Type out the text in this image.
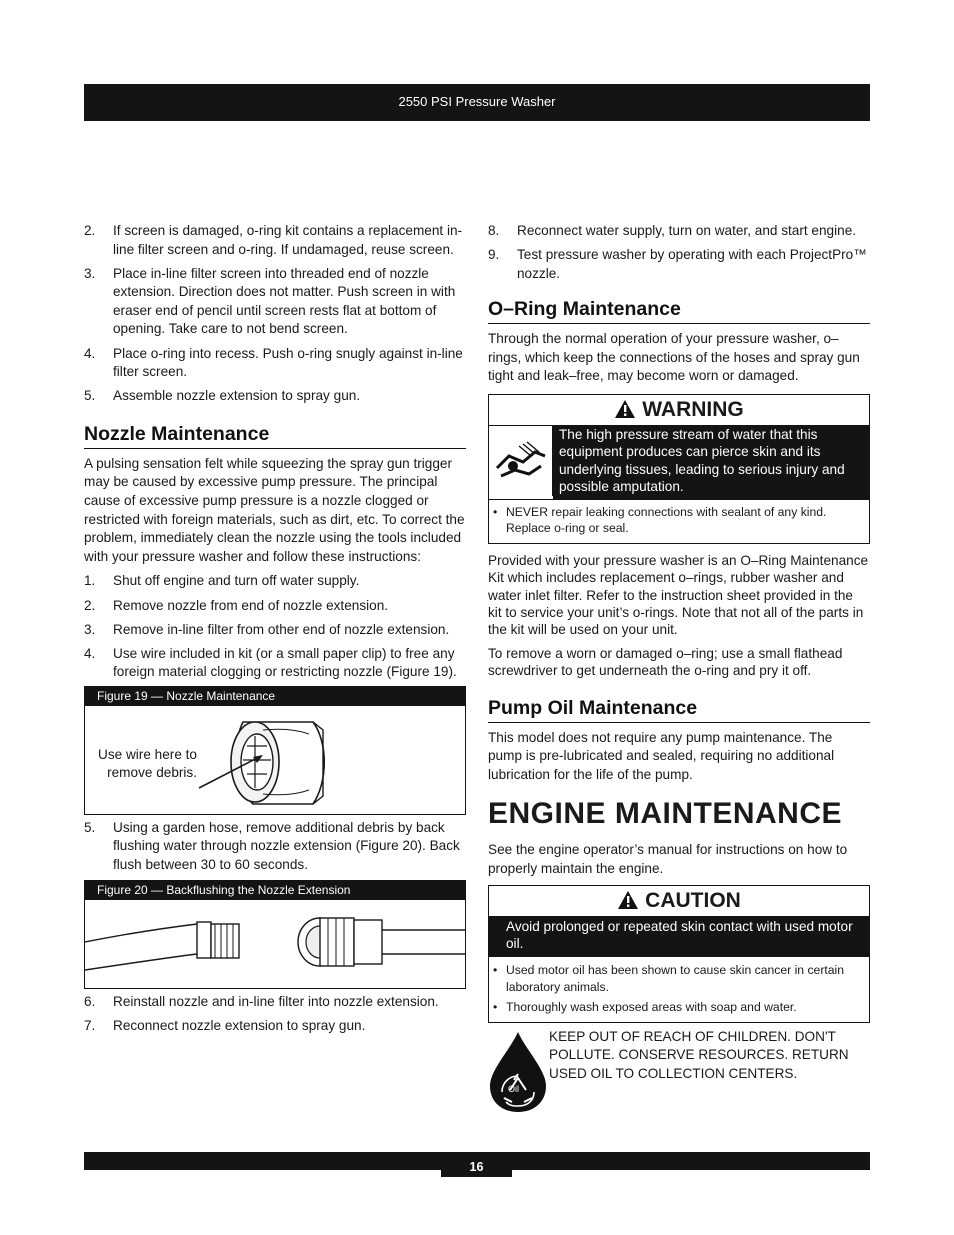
2550 PSI Pressure Washer
2.	If screen is damaged, o-ring kit contains a replacement in-line filter screen and o-ring. If undamaged, reuse screen.
3.	Place in-line filter screen into threaded end of nozzle extension. Direction does not matter. Push screen in with eraser end of pencil until screen rests flat at bottom of opening. Take care to not bend screen.
4.	Place o-ring into recess. Push o-ring snugly against in-line filter screen.
5.	Assemble nozzle extension to spray gun.
Nozzle Maintenance
A pulsing sensation felt while squeezing the spray gun trigger may be caused by excessive pump pressure. The principal cause of excessive pump pressure is a nozzle clogged or restricted with foreign materials, such as dirt, etc. To correct the problem, immediately clean the nozzle using the tools included with your pressure washer and follow these instructions:
1.	Shut off engine and turn off water supply.
2.	Remove nozzle from end of nozzle extension.
3.	Remove in-line filter from other end of nozzle extension.
4.	Use wire included in kit (or a small paper clip) to free any foreign material clogging or restricting nozzle (Figure 19).
Figure 19 — Nozzle Maintenance
Use wire here to remove debris.
5.	Using a garden hose, remove additional debris by back flushing water through nozzle extension (Figure 20). Back flush between 30 to 60 seconds.
Figure 20 — Backflushing the Nozzle Extension
6.	Reinstall nozzle and in-line filter into nozzle extension.
7.	Reconnect nozzle extension to spray gun.
8.	Reconnect water supply, turn on water, and start engine.
9.	Test pressure washer by operating with each ProjectPro™ nozzle.
O–Ring Maintenance
Through the normal operation of your pressure washer, o–rings, which keep the connections of the hoses and spray gun tight and leak–free, may become worn or damaged.
WARNING
The high pressure stream of water that this equipment produces can pierce skin and its underlying tissues, leading to serious injury and possible amputation.
• NEVER repair leaking connections with sealant of any kind. Replace o-ring or seal.
Provided with your pressure washer is an O–Ring Maintenance Kit which includes replacement o–rings, rubber washer and water inlet filter. Refer to the instruction sheet provided in the kit to service your unit’s o-rings. Note that not all of the parts in the kit will be used on your unit.
To remove a worn or damaged o–ring; use a small flathead screwdriver to get underneath the o-ring and pry it off.
Pump Oil Maintenance
This model does not require any pump maintenance. The pump is pre-lubricated and sealed, requiring no additional lubrication for the life of the pump.
ENGINE MAINTENANCE
See the engine operator’s manual for instructions on how to properly maintain the engine.
CAUTION
Avoid prolonged or repeated skin contact with used motor oil.
• Used motor oil has been shown to cause skin cancer in certain laboratory animals.
• Thoroughly wash exposed areas with soap and water.
Oil
KEEP OUT OF REACH OF CHILDREN. DON'T POLLUTE. CONSERVE RESOURCES. RETURN USED OIL TO COLLECTION CENTERS.
16
